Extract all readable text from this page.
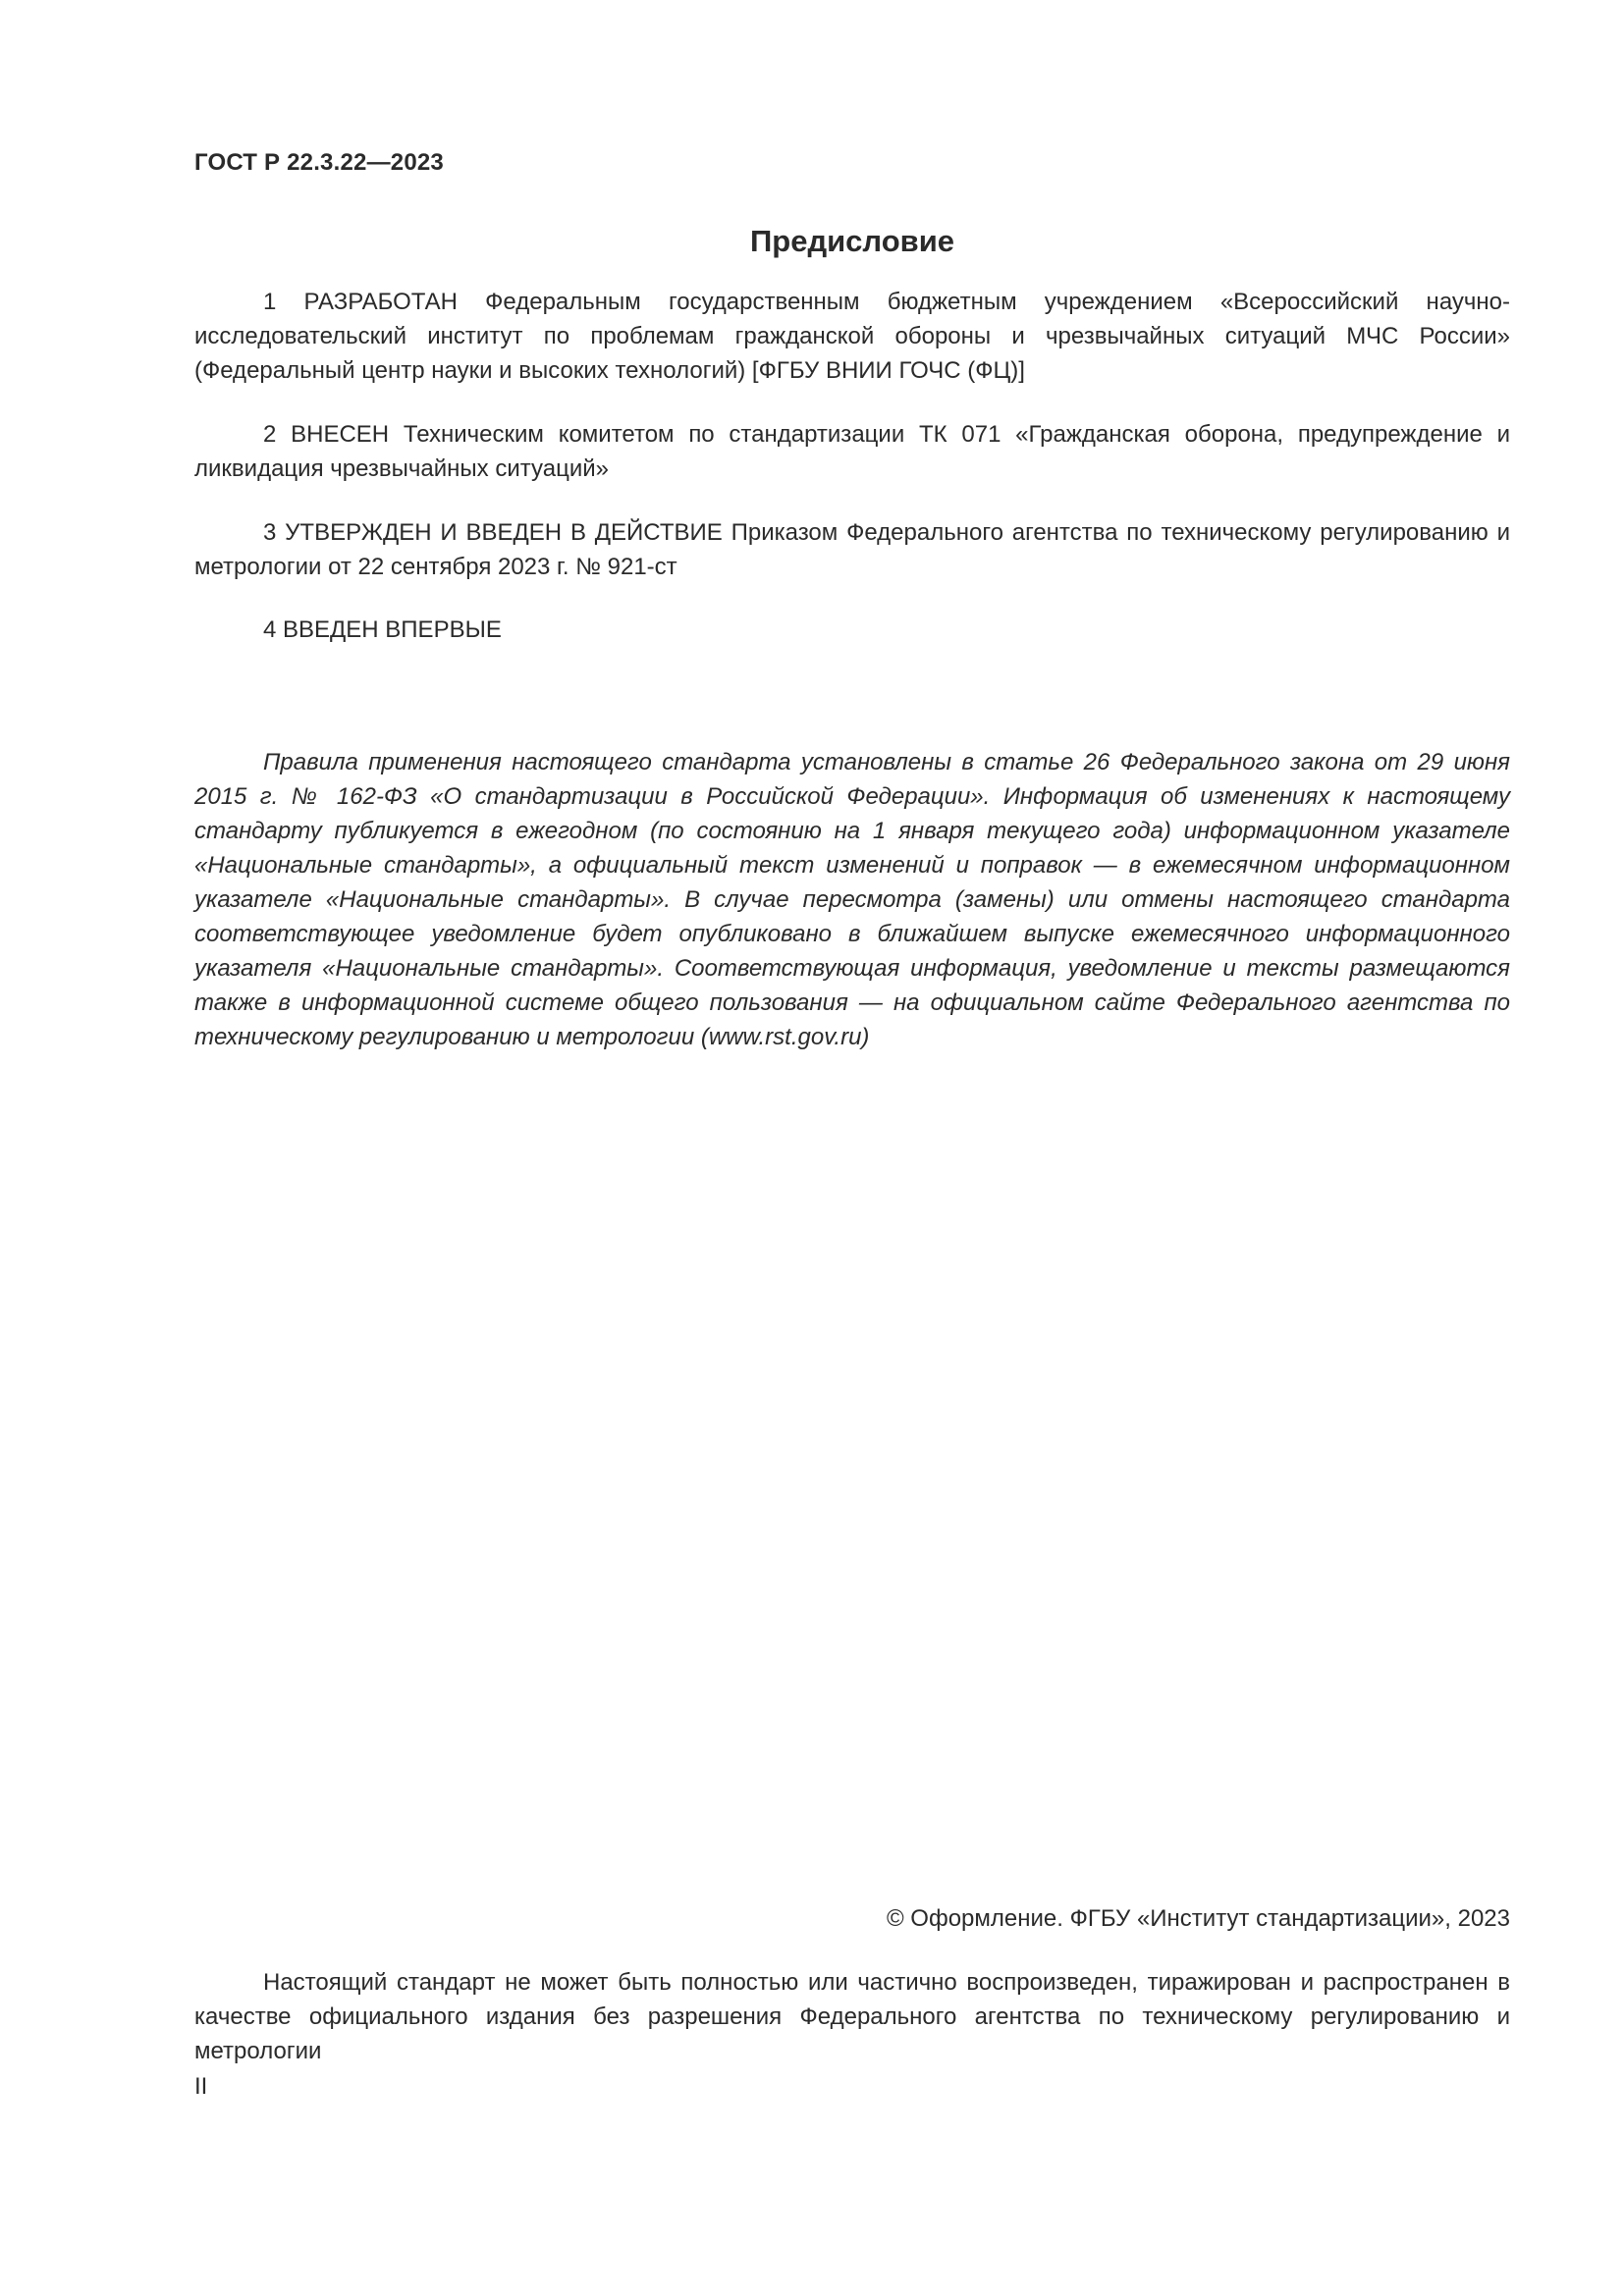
ГОСТ Р 22.3.22—2023
Предисловие

1 РАЗРАБОТАН Федеральным государственным бюджетным учреждением «Всероссийский научно-исследовательский институт по проблемам гражданской обороны и чрезвычайных ситуаций МЧС России» (Федеральный центр науки и высоких технологий) [ФГБУ ВНИИ ГОЧС (ФЦ)]

2 ВНЕСЕН Техническим комитетом по стандартизации ТК 071 «Гражданская оборона, предупреждение и ликвидация чрезвычайных ситуаций»

3 УТВЕРЖДЕН И ВВЕДЕН В ДЕЙСТВИЕ Приказом Федерального агентства по техническому регулированию и метрологии от 22 сентября 2023 г. № 921-ст

4 ВВЕДЕН ВПЕРВЫЕ

Правила применения настоящего стандарта установлены в статье 26 Федерального закона от 29 июня 2015 г. № 162-ФЗ «О стандартизации в Российской Федерации». Информация об изменениях к настоящему стандарту публикуется в ежегодном (по состоянию на 1 января текущего года) информационном указателе «Национальные стандарты», а официальный текст изменений и поправок — в ежемесячном информационном указателе «Национальные стандарты». В случае пересмотра (замены) или отмены настоящего стандарта соответствующее уведомление будет опубликовано в ближайшем выпуске ежемесячного информационного указателя «Национальные стандарты». Соответствующая информация, уведомление и тексты размещаются также в информационной системе общего пользования — на официальном сайте Федерального агентства по техническому регулированию и метрологии (www.rst.gov.ru)

© Оформление. ФГБУ «Институт стандартизации», 2023

Настоящий стандарт не может быть полностью или частично воспроизведен, тиражирован и распространен в качестве официального издания без разрешения Федерального агентства по техническому регулированию и метрологии

II
